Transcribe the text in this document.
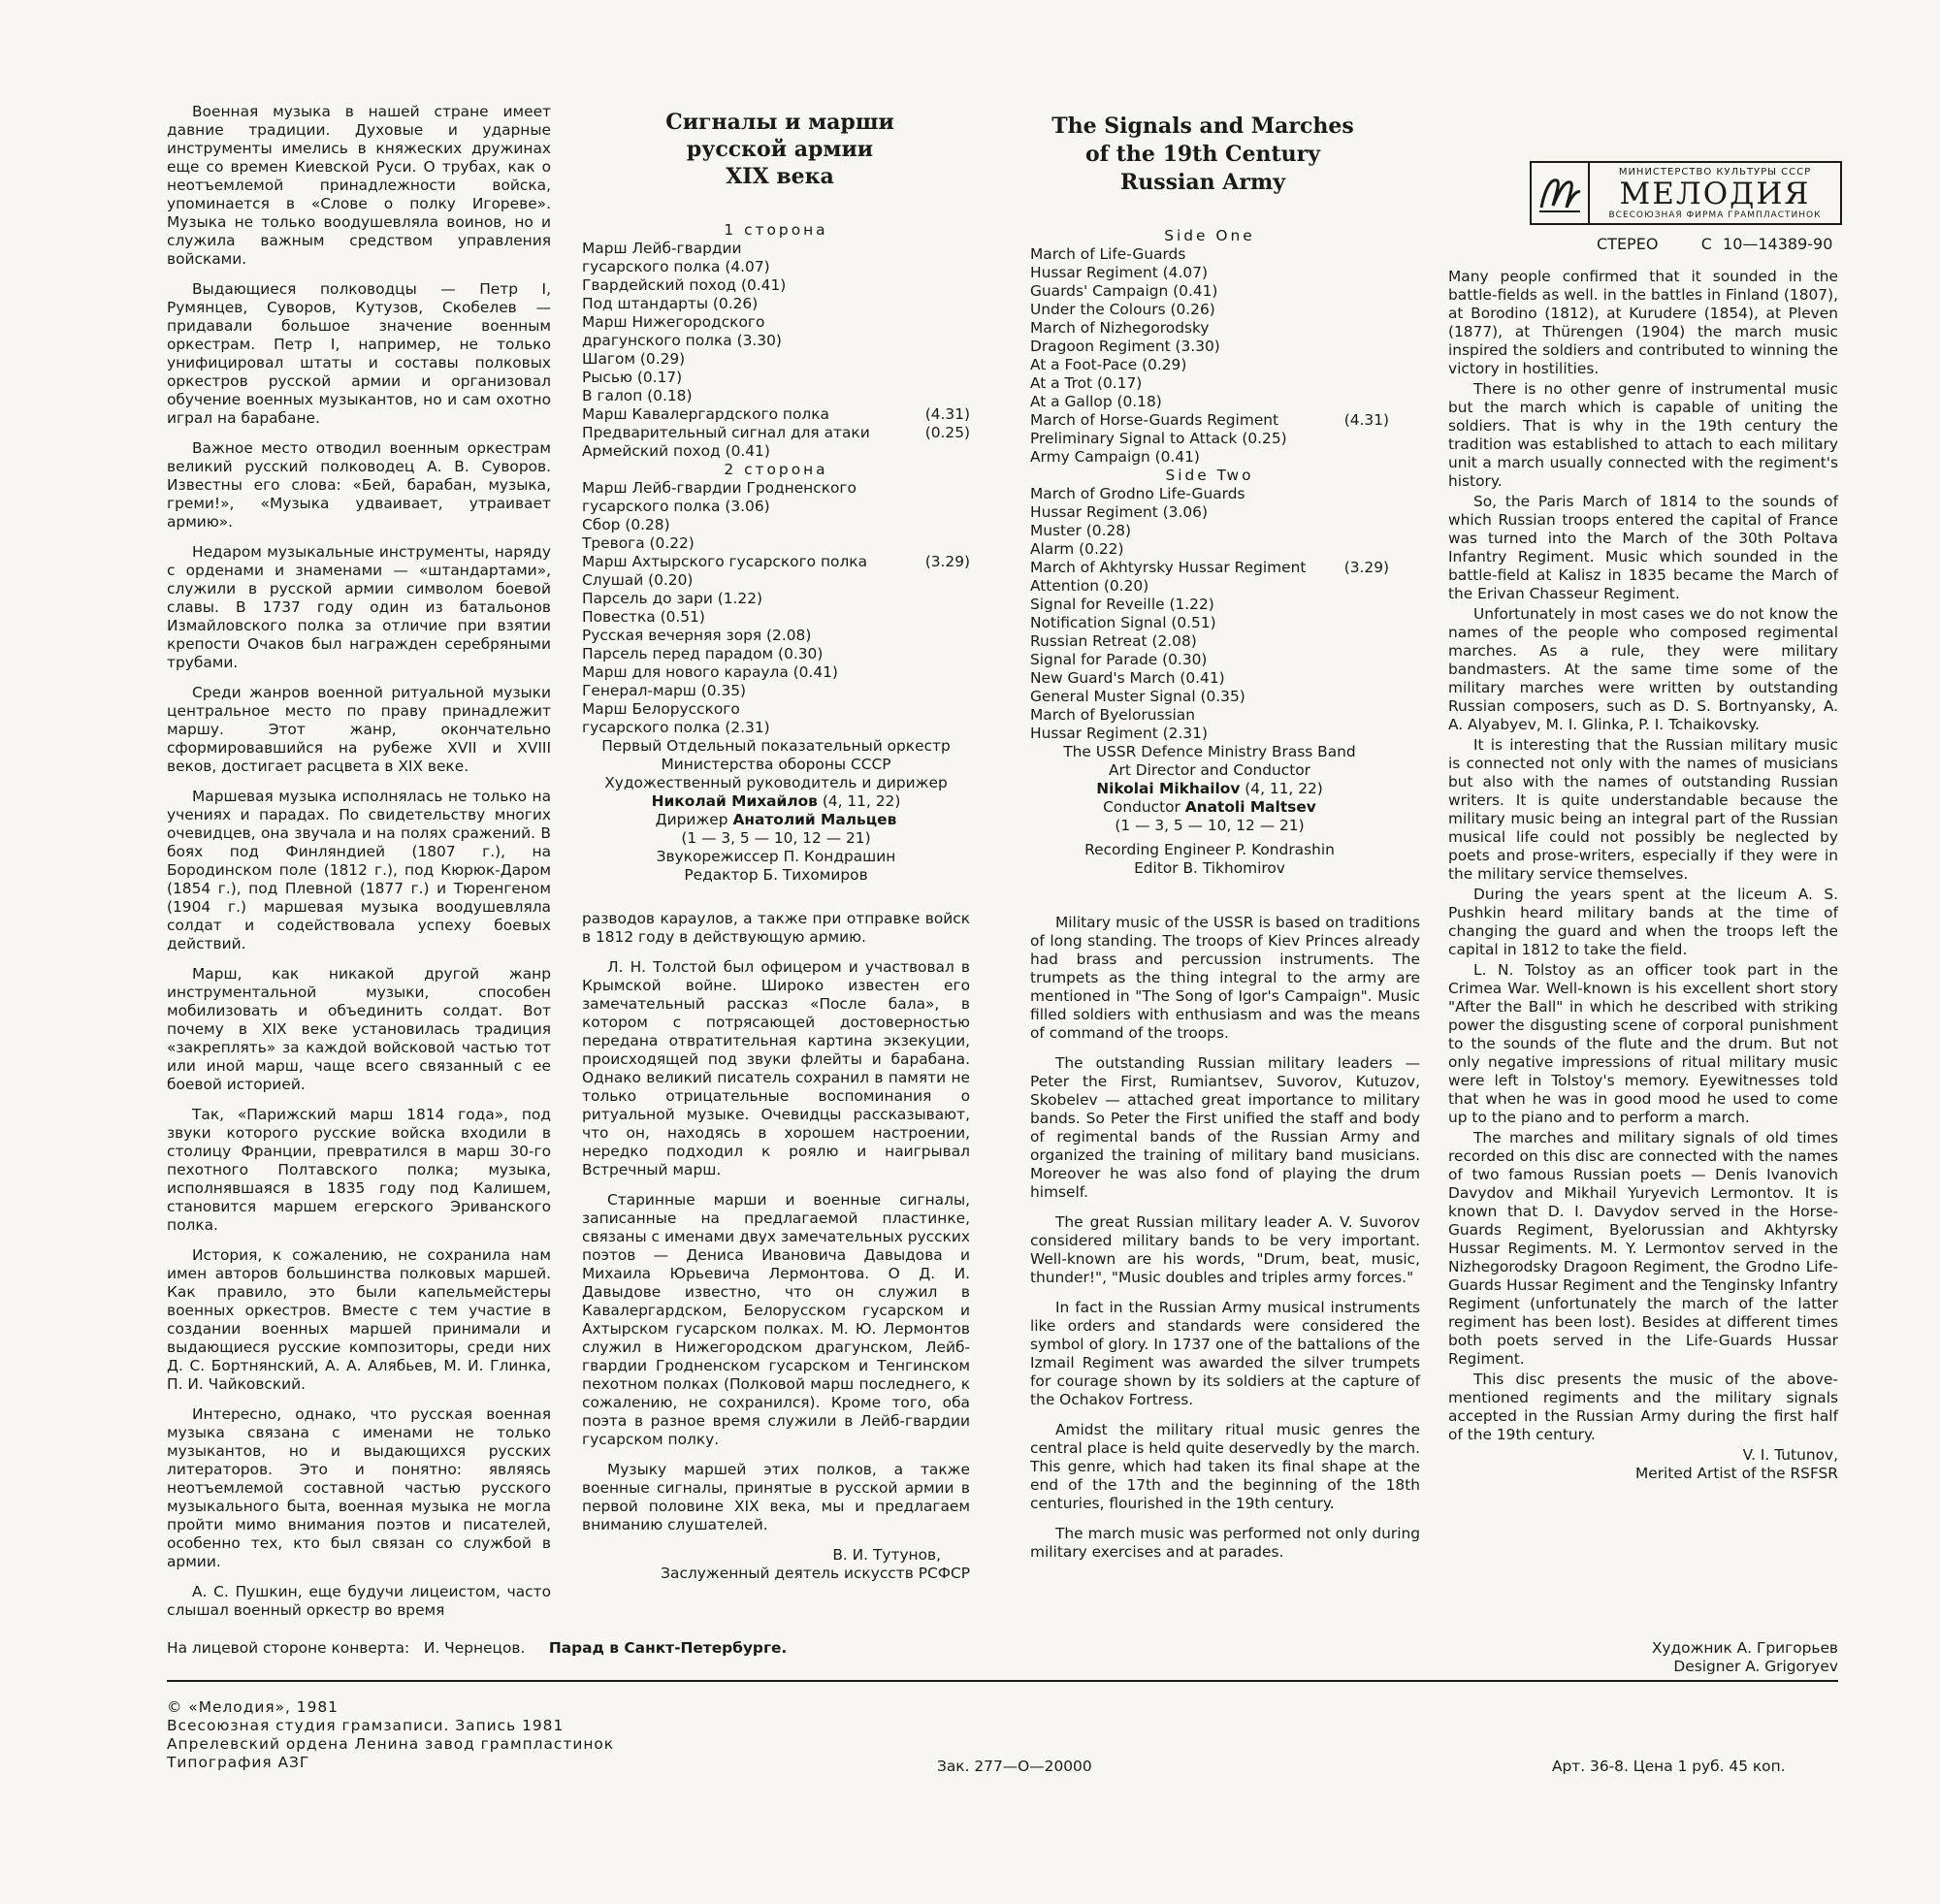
Военная музыка в нашей стране имеет давние традиции. Духовые и ударные инструменты имелись в княжеских дружинах еще со времен Киевской Руси. О трубах, как о неотъемлемой принадлежности войска, упоминается в «Слове о полку Игореве». Музыка не только воодушевляла воинов, но и служила важным средством управления войсками.

Выдающиеся полководцы — Петр I, Румянцев, Суворов, Кутузов, Скобелев — придавали большое значение военным оркестрам. Петр I, например, не только унифицировал штаты и составы полковых оркестров русской армии и организовал обучение военных музыкантов, но и сам охотно играл на барабане.

Важное место отводил военным оркестрам великий русский полководец А. В. Суворов. Известны его слова: «Бей, барабан, музыка, греми!», «Музыка удваивает, утраивает армию».

Недаром музыкальные инструменты, наряду с орденами и знаменами — «штандартами», служили в русской армии символом боевой славы. В 1737 году один из батальонов Измайловского полка за отличие при взятии крепости Очаков был награжден серебряными трубами.

Среди жанров военной ритуальной музыки центральное место по праву принадлежит маршу. Этот жанр, окончательно сформировавшийся на рубеже XVII и XVIII веков, достигает расцвета в XIX веке.

Маршевая музыка исполнялась не только на учениях и парадах. По свидетельству многих очевидцев, она звучала и на полях сражений. В боях под Финляндией (1807 г.), на Бородинском поле (1812 г.), под Кюрюк-Даром (1854 г.), под Плевной (1877 г.) и Тюренгеном (1904 г.) маршевая музыка воодушевляла солдат и содействовала успеху боевых действий.

Марш, как никакой другой жанр инструментальной музыки, способен мобилизовать и объединить солдат. Вот почему в XIX веке установилась традиция «закреплять» за каждой войсковой частью тот или иной марш, чаще всего связанный с ее боевой историей.

Так, «Парижский марш 1814 года», под звуки которого русские войска входили в столицу Франции, превратился в марш 30-го пехотного Полтавского полка; музыка, исполнявшаяся в 1835 году под Калишем, становится маршем егерского Эриванского полка.

История, к сожалению, не сохранила нам имен авторов большинства полковых маршей. Как правило, это были капельмейстеры военных оркестров. Вместе с тем участие в создании военных маршей принимали и выдающиеся русские композиторы, среди них Д. С. Бортнянский, А. А. Алябьев, М. И. Глинка, П. И. Чайковский.

Интересно, однако, что русская военная музыка связана с именами не только музыкантов, но и выдающихся русских литераторов. Это и понятно: являясь неотъемлемой составной частью русского музыкального быта, военная музыка не могла пройти мимо внимания поэтов и писателей, особенно тех, кто был связан со службой в армии.

А. С. Пушкин, еще будучи лицеистом, часто слышал военный оркестр во время

Сигналы и марши
русской армии
XIX века
The Signals and Marches
of the 19th Century
Russian Army
1 сторона
Марш Лейб-гвардии
гусарского полка (4.07)
Гвардейский поход (0.41)
Под штандарты (0.26)
Марш Нижегородского
драгунского полка (3.30)
Шагом (0.29)
Рысью (0.17)
В галоп (0.18)
Марш Кавалергардского полка	(4.31)
Предварительный сигнал для атаки	(0.25)
Армейский поход (0.41)
2 сторона
Марш Лейб-гвардии Гродненского
гусарского полка (3.06)
Сбор (0.28)
Тревога (0.22)
Марш Ахтырского гусарского полка	(3.29)
Слушай (0.20)
Парсель до зари (1.22)
Повестка (0.51)
Русская вечерняя зоря (2.08)
Парсель перед парадом (0.30)
Марш для нового караула (0.41)
Генерал-марш (0.35)
Марш Белорусского
гусарского полка (2.31)
Первый Отдельный показательный оркестр
Министерства обороны СССР
Художественный руководитель и дирижер
Николай Михайлов (4, 11, 22)
Дирижер Анатолий Мальцев
(1 — 3, 5 — 10, 12 — 21)
Звукорежиссер П. Кондрашин
Редактор Б. Тихомиров

разводов караулов, а также при отправке войск в 1812 году в действующую армию.

Л. Н. Толстой был офицером и участвовал в Крымской войне. Широко известен его замечательный рассказ «После бала», в котором с потрясающей достоверностью передана отвратительная картина экзекуции, происходящей под звуки флейты и барабана. Однако великий писатель сохранил в памяти не только отрицательные воспоминания о ритуальной музыке. Очевидцы рассказывают, что он, находясь в хорошем настроении, нередко подходил к роялю и наигрывал Встречный марш.

Старинные марши и военные сигналы, записанные на предлагаемой пластинке, связаны с именами двух замечательных русских поэтов — Дениса Ивановича Давыдова и Михаила Юрьевича Лермонтова. О Д. И. Давыдове известно, что он служил в Кавалергардском, Белорусском гусарском и Ахтырском гусарском полках. М. Ю. Лермонтов служил в Нижегородском драгунском, Лейб-гвардии Гродненском гусарском и Тенгинском пехотном полках (Полковой марш последнего, к сожалению, не сохранился). Кроме того, оба поэта в разное время служили в Лейб-гвардии гусарском полку.

Музыку маршей этих полков, а также военные сигналы, принятые в русской армии в первой половине XIX века, мы и предлагаем вниманию слушателей.

В. И. Тутунов,
Заслуженный деятель искусств РСФСР
Side One
March of Life-Guards
Hussar Regiment (4.07)
Guards' Campaign (0.41)
Under the Colours (0.26)
March of Nizhegorodsky
Dragoon Regiment (3.30)
At a Foot-Pace (0.29)
At a Trot (0.17)
At a Gallop (0.18)
March of Horse-Guards Regiment	(4.31)
Preliminary Signal to Attack (0.25)
Army Campaign (0.41)
Side Two
March of Grodno Life-Guards
Hussar Regiment (3.06)
Muster (0.28)
Alarm (0.22)
March of Akhtyrsky Hussar Regiment	(3.29)
Attention (0.20)
Signal for Reveille (1.22)
Notification Signal (0.51)
Russian Retreat (2.08)
Signal for Parade (0.30)
New Guard's March (0.41)
General Muster Signal (0.35)
March of Byelorussian
Hussar Regiment (2.31)
The USSR Defence Ministry Brass Band
Art Director and Conductor
Nikolai Mikhailov (4, 11, 22)
Conductor Anatoli Maltsev
(1 — 3, 5 — 10, 12 — 21)
Recording Engineer P. Kondrashin
Editor B. Tikhomirov

Military music of the USSR is based on traditions of long standing. The troops of Kiev Princes already had brass and percussion instruments. The trumpets as the thing integral to the army are mentioned in "The Song of Igor's Campaign". Music filled soldiers with enthusiasm and was the means of command of the troops.

The outstanding Russian military leaders — Peter the First, Rumiantsev, Suvorov, Kutuzov, Skobelev — attached great importance to military bands. So Peter the First unified the staff and body of regimental bands of the Russian Army and organized the training of military band musicians. Moreover he was also fond of playing the drum himself.

The great Russian military leader A. V. Suvorov considered military bands to be very important. Well-known are his words, "Drum, beat, music, thunder!", "Music doubles and triples army forces."

In fact in the Russian Army musical instruments like orders and standards were considered the symbol of glory. In 1737 one of the battalions of the Izmail Regiment was awarded the silver trumpets for courage shown by its soldiers at the capture of the Ochakov Fortress.

Amidst the military ritual music genres the central place is held quite deservedly by the march. This genre, which had taken its final shape at the end of the 17th and the beginning of the 18th centuries, flourished in the 19th century.

The march music was performed not only during military exercises and at parades.

МИНИСТЕРСТВО КУЛЬТУРЫ СССР
МЕЛОДИЯ
ВСЕСОЮЗНАЯ ФИРМА ГРАМПЛАСТИНОК
СТЕРЕО	С 10—14389-90

Many people confirmed that it sounded in the battle-fields as well. in the battles in Finland (1807), at Borodino (1812), at Kurudere (1854), at Pleven (1877), at Thürengen (1904) the march music inspired the soldiers and contributed to winning the victory in hostilities.

There is no other genre of instrumental music but the march which is capable of uniting the soldiers. That is why in the 19th century the tradition was established to attach to each military unit a march usually connected with the regiment's history.

So, the Paris March of 1814 to the sounds of which Russian troops entered the capital of France was turned into the March of the 30th Poltava Infantry Regiment. Music which sounded in the battle-field at Kalisz in 1835 became the March of the Erivan Chasseur Regiment.

Unfortunately in most cases we do not know the names of the people who composed regimental marches. As a rule, they were military bandmasters. At the same time some of the military marches were written by outstanding Russian composers, such as D. S. Bortnyansky, A. A. Alyabyev, M. I. Glinka, P. I. Tchaikovsky.

It is interesting that the Russian military music is connected not only with the names of musicians but also with the names of outstanding Russian writers. It is quite understandable because the military music being an integral part of the Russian musical life could not possibly be neglected by poets and prose-writers, especially if they were in the military service themselves.

During the years spent at the liceum A. S. Pushkin heard military bands at the time of changing the guard and when the troops left the capital in 1812 to take the field.

L. N. Tolstoy as an officer took part in the Crimea War. Well-known is his excellent short story "After the Ball" in which he described with striking power the disgusting scene of corporal punishment to the sounds of the flute and the drum. But not only negative impressions of ritual military music were left in Tolstoy's memory. Eyewitnesses told that when he was in good mood he used to come up to the piano and to perform a march.

The marches and military signals of old times recorded on this disc are connected with the names of two famous Russian poets — Denis Ivanovich Davydov and Mikhail Yuryevich Lermontov. It is known that D. I. Davydov served in the Horse-Guards Regiment, Byelorussian and Akhtyrsky Hussar Regiments. M. Y. Lermontov served in the Nizhegorodsky Dragoon Regiment, the Grodno Life-Guards Hussar Regiment and the Tenginsky Infantry Regiment (unfortunately the march of the latter regiment has been lost). Besides at different times both poets served in the Life-Guards Hussar Regiment.

This disc presents the music of the above-mentioned regiments and the military signals accepted in the Russian Army during the first half of the 19th century.

V. I. Tutunov,
Merited Artist of the RSFSR
На лицевой стороне конверта: И. Чернецов. Парад в Санкт-Петербурге.	Художник А. Григорьев
Designer A. Grigoryev
© «Мелодия», 1981
Всесоюзная студия грамзаписи. Запись 1981
Апрелевский ордена Ленина завод грампластинок
Типография АЗГ	Зак. 277—О—20000	Арт. 36-8. Цена 1 руб. 45 коп.
